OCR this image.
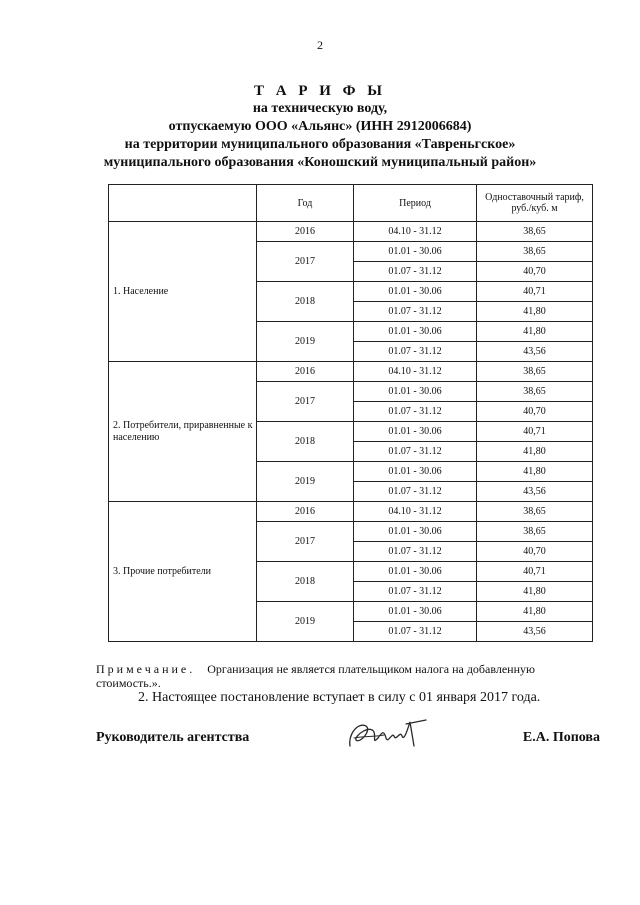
2
Т А Р И Ф Ы
на техническую воду,
отпускаемую ООО «Альянс» (ИНН 2912006684)
на территории муниципального образования «Тавреньгское»
муниципального образования «Коношский муниципальный район»
	Год	Период	Одноставочный тариф, руб./куб. м
1. Население	2016	04.10 - 31.12	38,65
	2017	01.01 - 30.06	38,65
		01.07 - 31.12	40,70
	2018	01.01 - 30.06	40,71
		01.07 - 31.12	41,80
	2019	01.01 - 30.06	41,80
		01.07 - 31.12	43,56
2. Потребители, приравненные к населению	2016	04.10 - 31.12	38,65
	2017	01.01 - 30.06	38,65
		01.07 - 31.12	40,70
	2018	01.01 - 30.06	40,71
		01.07 - 31.12	41,80
	2019	01.01 - 30.06	41,80
		01.07 - 31.12	43,56
3. Прочие потребители	2016	04.10 - 31.12	38,65
	2017	01.01 - 30.06	38,65
		01.07 - 31.12	40,70
	2018	01.01 - 30.06	40,71
		01.07 - 31.12	41,80
	2019	01.01 - 30.06	41,80
		01.07 - 31.12	43,56
Примечание. Организация не является плательщиком налога на добавленную стоимость.».
2. Настоящее постановление вступает в силу с 01 января 2017 года.
Руководитель агентства	Е.А. Попова
